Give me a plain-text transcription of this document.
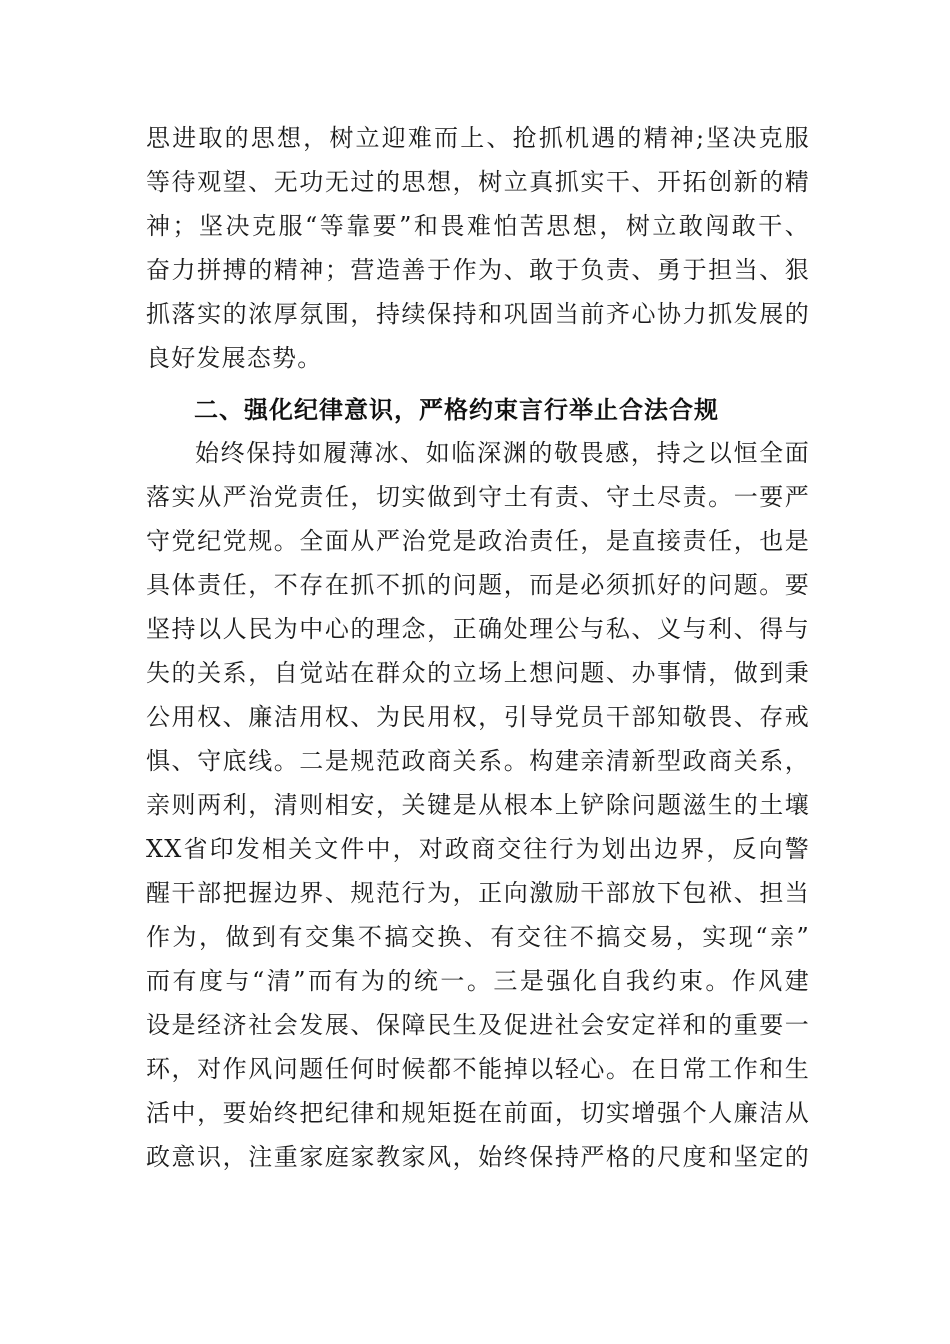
思进取的思想，树立迎难而上、抢抓机遇的精神;坚决克服
等待观望、无功无过的思想，树立真抓实干、开拓创新的精
神；坚决克服“等靠要”和畏难怕苦思想，树立敢闯敢干、
奋力拼搏的精神；营造善于作为、敢于负责、勇于担当、狠
抓落实的浓厚氛围，持续保持和巩固当前齐心协力抓发展的
良好发展态势。
二、强化纪律意识，严格约束言行举止合法合规
始终保持如履薄冰、如临深渊的敬畏感，持之以恒全面
落实从严治党责任，切实做到守土有责、守土尽责。一要严
守党纪党规。全面从严治党是政治责任，是直接责任，也是
具体责任，不存在抓不抓的问题，而是必须抓好的问题。要
坚持以人民为中心的理念，正确处理公与私、义与利、得与
失的关系，自觉站在群众的立场上想问题、办事情，做到秉
公用权、廉洁用权、为民用权，引导党员干部知敬畏、存戒
惧、守底线。二是规范政商关系。构建亲清新型政商关系，
亲则两利，清则相安，关键是从根本上铲除问题滋生的土壤
XX省印发相关文件中，对政商交往行为划出边界，反向警
醒干部把握边界、规范行为，正向激励干部放下包袱、担当
作为，做到有交集不搞交换、有交往不搞交易，实现“亲”
而有度与“清”而有为的统一。三是强化自我约束。作风建
设是经济社会发展、保障民生及促进社会安定祥和的重要一
环，对作风问题任何时候都不能掉以轻心。在日常工作和生
活中，要始终把纪律和规矩挺在前面，切实增强个人廉洁从
政意识，注重家庭家教家风，始终保持严格的尺度和坚定的
